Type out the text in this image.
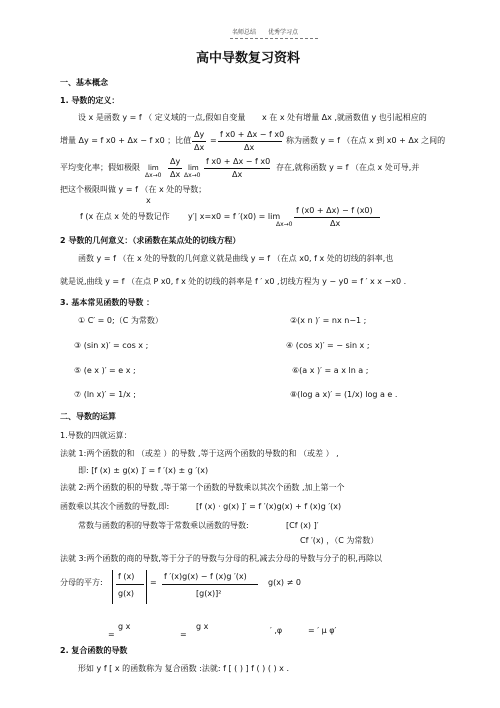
名师总结 优秀学习点
高中导数复习资料
一、基本概念
1. 导数的定义：
设 x 是函数 y = f （ 定义域的一点,假如自变量 x 在 x 处有增量 Δx ,就函数值 y 也引起相应的
增量 Δy = f x0 + Δx − f x0 ；比值
Δy
Δx
=
f x0 + Δx − f x0
Δx
称为函数 y = f （在点 x 到 x0 + Δx 之间的
平均变化率；假如极限 lim
Δx→0
Δy
Δx
lim
Δx→0
f x0 + Δx − f x0
Δx
存在,就称函数 y = f （在点 x 处可导,并
把这个极限叫做 y = f （在 x 处的导数；
x
f (x 在点 x 处的导数记作 y′| x=x0 = f ′(x0) = lim
Δx→0
f (x0 + Δx) − f (x0)
Δx
2 导数的几何意义：（求函数在某点处的切线方程）
函数 y = f （在 x 处的导数的几何意义就是曲线 y = f （在点 x0, f x 处的切线的斜率,也
就是说,曲线 y = f （在点 P x0, f x 处的切线的斜率是 f ′ x0 ,切线方程为 y − y0 = f ′ x x −x0 .
3. 基本常见函数的导数 ：
① C′ = 0;（C 为常数）	②(x n )′ = nx n−1 ;
③ (sin x)′ = cos x ;	④ (cos x)′ = − sin x ;
⑤ (e x )′ = e x ;	⑥(a x )′ = a x ln a ;
⑦ (ln x)′ = 1/x ;	⑧(log a x)′ = (1/x) log a e .
二、导数的运算
1.导数的四就运算：
法就 1:两个函数的和 （或差 ）的导数 ,等于这两个函数的导数的和 （或差 ） ,
即: [f (x) ± g(x) ]′ = f ′(x) ± g ′(x)
法就 2:两个函数的积的导数 ,等于第一个函数的导数乘以其次个函数 ,加上第一个
函数乘以其次个函数的导数,即:	[f (x) ⋅ g(x) ]′ = f ′(x)g(x) + f (x)g ′(x)
常数与函数的积的导数等于常数乘以函数的导数:	[Cf (x) ]′
Cf ′(x) ，（C 为常数）
法就 3:两个函数的商的导数,等于分子的导数与分母的积,减去分母的导数与分子的积,再除以
分母的平方:
f (x)
g(x)
=
f ′(x)g(x) − f (x)g ′(x)
[g(x)]²
g(x) ≠ 0
g x	g x	′ ,φ	= ′ μ φ′
=	=
2. 复合函数的导数
形如 y f [ x 的函数称为 复合函数 :法就: f [ ( ) ] f ( ) ( ) x .
